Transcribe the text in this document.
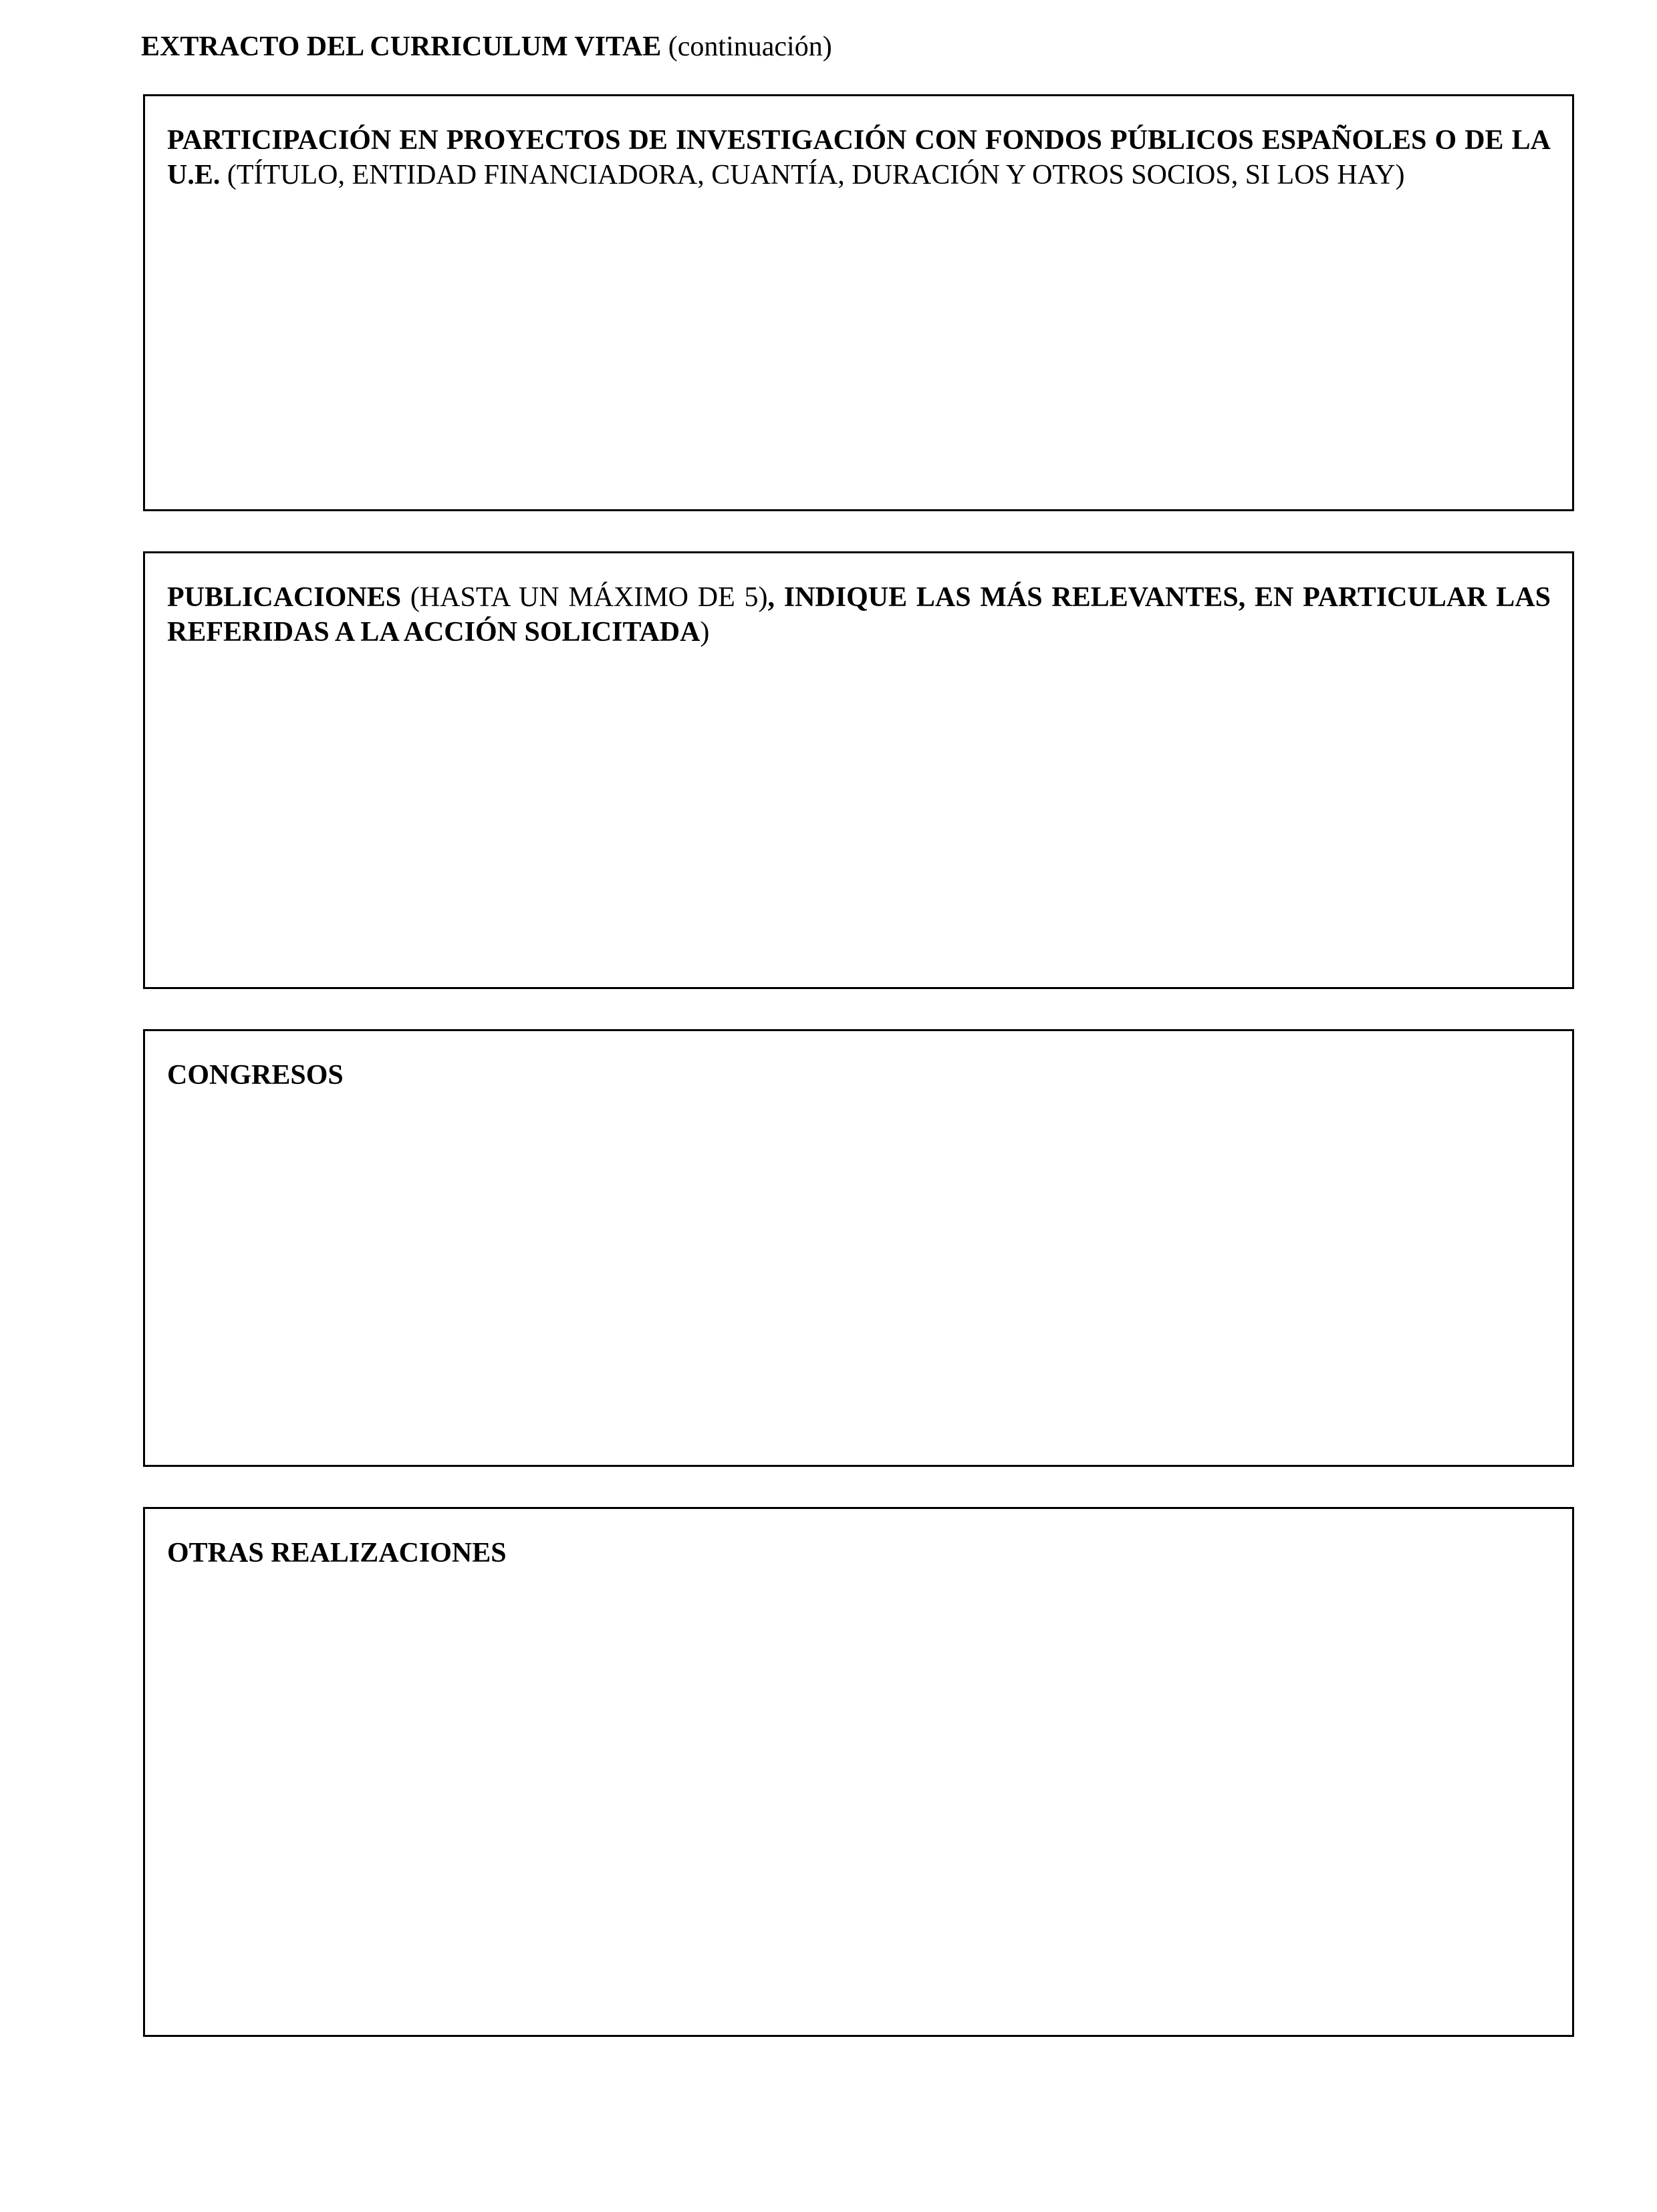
EXTRACTO DEL CURRICULUM VITAE (continuación)
PARTICIPACIÓN EN PROYECTOS DE INVESTIGACIÓN CON FONDOS PÚBLICOS ESPAÑOLES O DE LA U.E. (TÍTULO, ENTIDAD FINANCIADORA, CUANTÍA, DURACIÓN Y OTROS SOCIOS, SI LOS HAY)
PUBLICACIONES (HASTA UN MÁXIMO DE 5), INDIQUE LAS MÁS RELEVANTES, EN PARTICULAR LAS REFERIDAS A LA ACCIÓN SOLICITADA)
CONGRESOS
OTRAS REALIZACIONES
